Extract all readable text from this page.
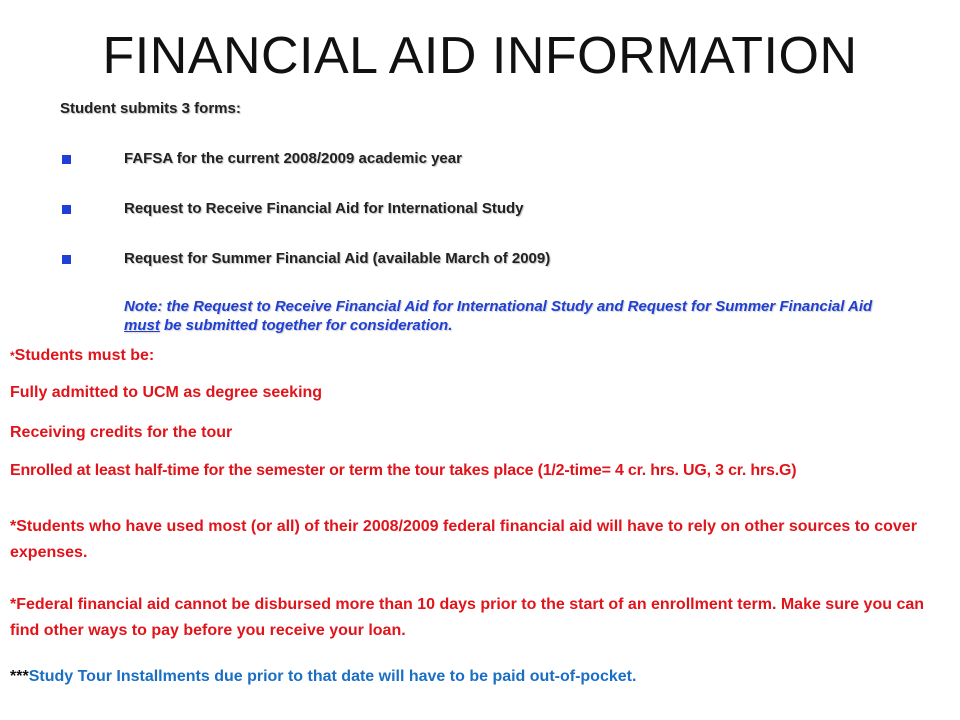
FINANCIAL AID INFORMATION
Student submits 3 forms:
FAFSA for the current 2008/2009 academic year
Request to Receive Financial Aid for International Study
Request for Summer Financial Aid (available March of 2009)
Note: the Request to Receive Financial Aid for International Study and Request for Summer Financial Aid must be submitted together for consideration.
*Students must be:
Fully admitted to UCM as degree seeking
Receiving credits for the tour
Enrolled at least half-time for the semester or term the tour takes place (1/2-time= 4 cr. hrs. UG, 3 cr. hrs.G)
*Students who have used most (or all) of their 2008/2009 federal financial aid will have to rely on other sources to cover expenses.
*Federal financial aid cannot be disbursed more than 10 days prior to the start of an enrollment term. Make sure you can find other ways to pay before you receive your loan.
***Study Tour Installments due prior to that date will have to be paid out-of-pocket.
